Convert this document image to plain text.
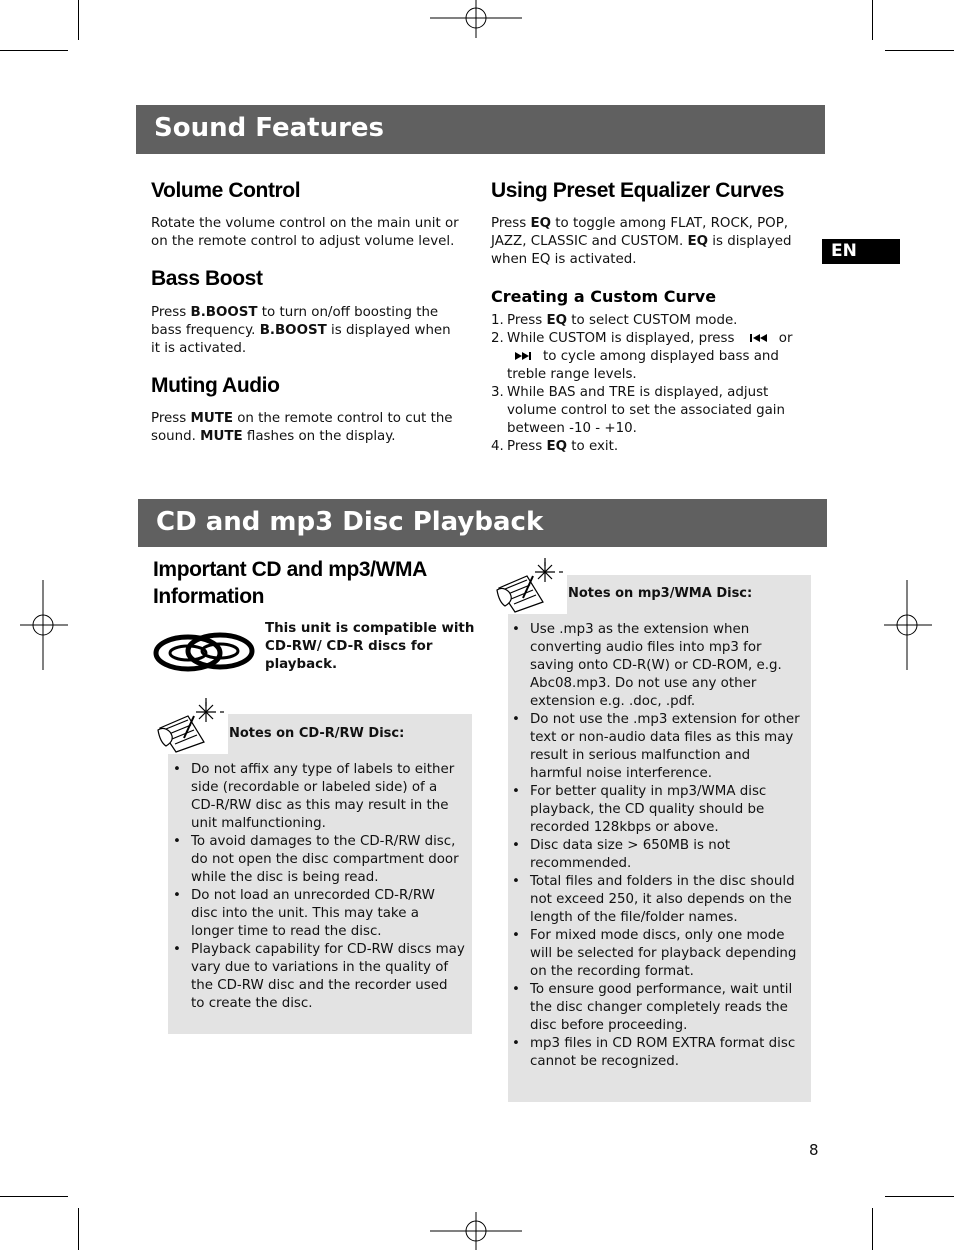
Sound Features
Volume Control

Rotate the volume control on the main unit or on the remote control to adjust volume level.

Bass Boost

Press B.BOOST to turn on/off boosting the bass frequency. B.BOOST is displayed when it is activated.

Muting Audio

Press MUTE on the remote control to cut the sound. MUTE flashes on the display.

Using Preset Equalizer Curves

Press EQ to toggle among FLAT, ROCK, POP, JAZZ, CLASSIC and CUSTOM. EQ is displayed when EQ is activated.

Creating a Custom Curve
1. Press EQ to select CUSTOM mode.
2. While CUSTOM is displayed, press	or
to cycle among displayed bass and treble range levels.
3. While BAS and TRE is displayed, adjust volume control to set the associated gain between -10 - +10.
4. Press EQ to exit.
EN
CD and mp3 Disc Playback
Important CD and mp3/WMA Information

This unit is compatible with CD-RW/ CD-R discs for playback.

Notes on CD-R/RW Disc:
• Do not affix any type of labels to either side (recordable or labeled side) of a CD-R/RW disc as this may result in the unit malfunctioning.
• To avoid damages to the CD-R/RW disc, do not open the disc compartment door while the disc is being read.
• Do not load an unrecorded CD-R/RW disc into the unit. This may take a longer time to read the disc.
• Playback capability for CD-RW discs may vary due to variations in the quality of the CD-RW disc and the recorder used to create the disc.
Notes on mp3/WMA Disc:
• Use .mp3 as the extension when converting audio files into mp3 for saving onto CD-R(W) or CD-ROM, e.g. Abc08.mp3. Do not use any other extension e.g. .doc, .pdf.
• Do not use the .mp3 extension for other text or non-audio data files as this may result in serious malfunction and harmful noise interference.
• For better quality in mp3/WMA disc playback, the CD quality should be recorded 128kbps or above.
• Disc data size > 650MB is not recommended.
• Total files and folders in the disc should not exceed 250, it also depends on the length of the file/folder names.
• For mixed mode discs, only one mode will be selected for playback depending on the recording format.
• To ensure good performance, wait until the disc changer completely reads the disc before proceeding.
• mp3 files in CD ROM EXTRA format disc cannot be recognized.
8
